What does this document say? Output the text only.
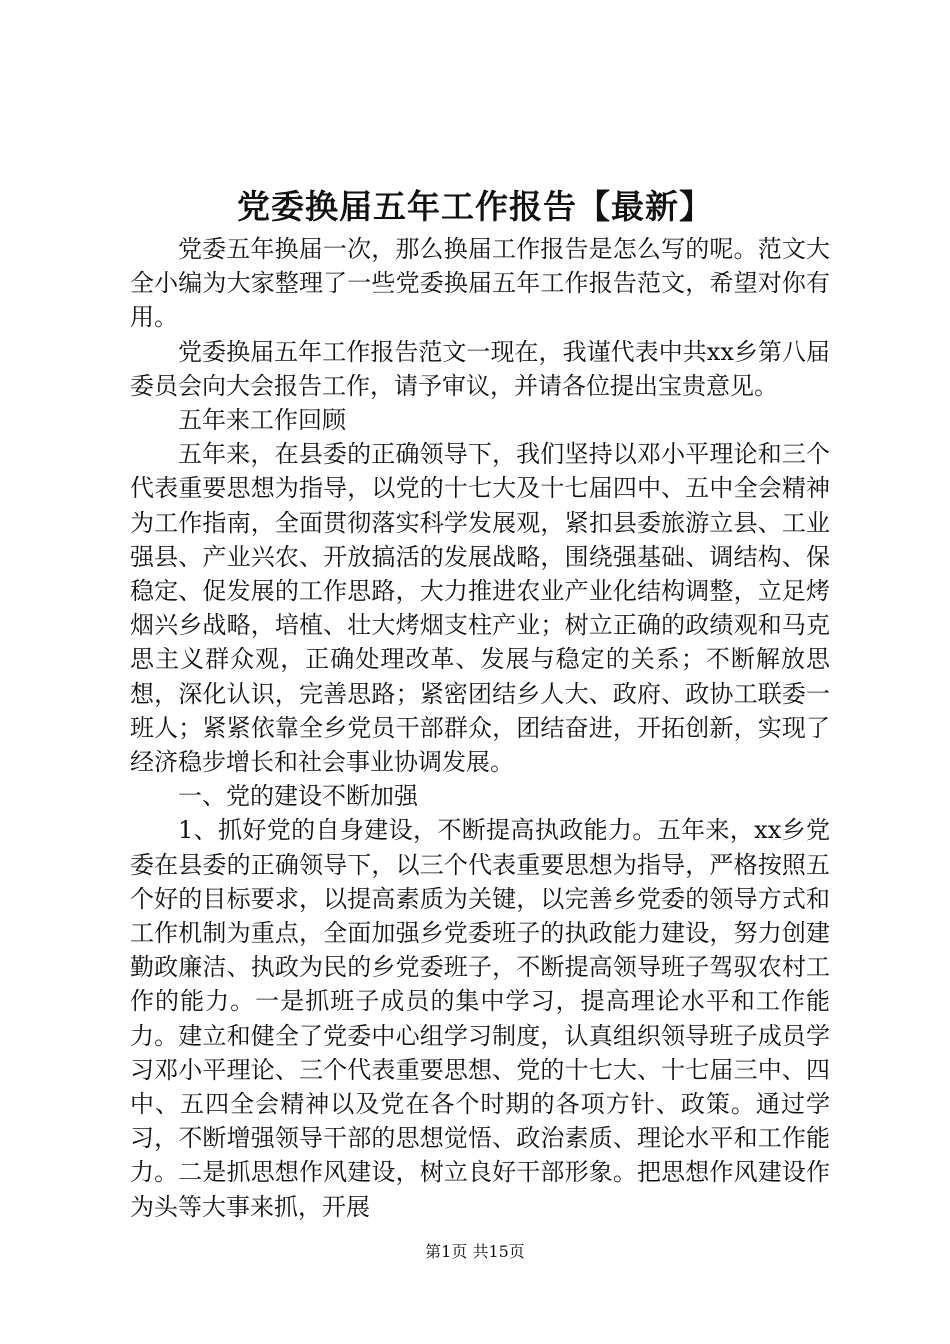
党委换届五年工作报告【最新】

党委五年换届一次，那么换届工作报告是怎么写的呢。范文大全小编为大家整理了一些党委换届五年工作报告范文，希望对你有用。

党委换届五年工作报告范文一现在，我谨代表中共xx乡第八届委员会向大会报告工作，请予审议，并请各位提出宝贵意见。

五年来工作回顾

五年来，在县委的正确领导下，我们坚持以邓小平理论和三个代表重要思想为指导，以党的十七大及十七届四中、五中全会精神为工作指南，全面贯彻落实科学发展观，紧扣县委旅游立县、工业强县、产业兴农、开放搞活的发展战略，围绕强基础、调结构、保稳定、促发展的工作思路，大力推进农业产业化结构调整，立足烤烟兴乡战略，培植、壮大烤烟支柱产业；树立正确的政绩观和马克思主义群众观，正确处理改革、发展与稳定的关系；不断解放思想，深化认识，完善思路；紧密团结乡人大、政府、政协工联委一班人；紧紧依靠全乡党员干部群众，团结奋进，开拓创新，实现了经济稳步增长和社会事业协调发展。

一、党的建设不断加强

1、抓好党的自身建设，不断提高执政能力。五年来，xx乡党委在县委的正确领导下，以三个代表重要思想为指导，严格按照五个好的目标要求，以提高素质为关键，以完善乡党委的领导方式和工作机制为重点，全面加强乡党委班子的执政能力建设，努力创建勤政廉洁、执政为民的乡党委班子，不断提高领导班子驾驭农村工作的能力。一是抓班子成员的集中学习，提高理论水平和工作能力。建立和健全了党委中心组学习制度，认真组织领导班子成员学习邓小平理论、三个代表重要思想、党的十七大、十七届三中、四中、五四全会精神以及党在各个时期的各项方针、政策。通过学习，不断增强领导干部的思想觉悟、政治素质、理论水平和工作能力。二是抓思想作风建设，树立良好干部形象。把思想作风建设作为头等大事来抓，开展

第1页 共15页
